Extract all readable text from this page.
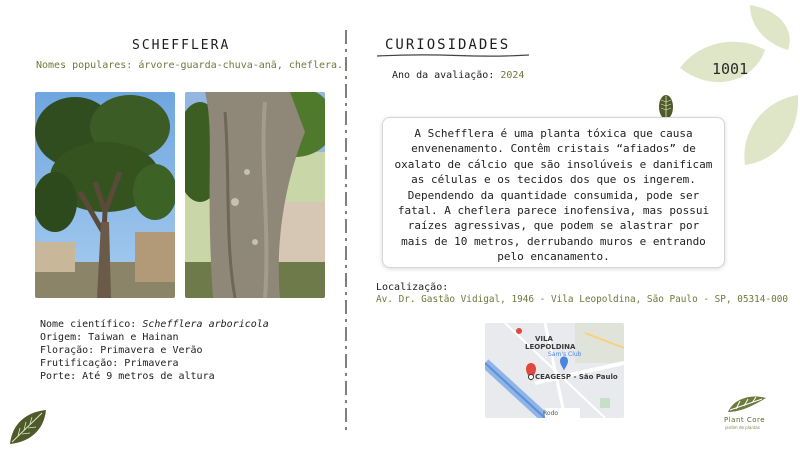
1001
SCHEFFLERA
Nomes populares: árvore-guarda-chuva-anã, cheflera.
Nome científico: Schefflera arboricola
Origem: Taiwan e Hainan
Floração: Primavera e Verão
Frutificação: Primavera
Porte: Até 9 metros de altura
CURIOSIDADES
Ano da avaliação: 2024
A Schefflera é uma planta tóxica que causa envenenamento. Contêm cristais “afiados” de oxalato de cálcio que são insolúveis e danificam as células e os tecidos dos que os ingerem. Dependendo da quantidade consumida, pode ser fatal. A cheflera parece inofensiva, mas possui raízes agressivas, que podem se alastrar por mais de 10 metros, derrubando muros e entrando pelo encanamento.
Localização:
Av. Dr. Gastão Vidigal, 1946 - Vila Leopoldina, São Paulo - SP, 05314-000
VILA
LEOPOLDINA
Sam's Club
CEAGESP - São Paulo
Rodo
Plant Core
jardim de plantas
